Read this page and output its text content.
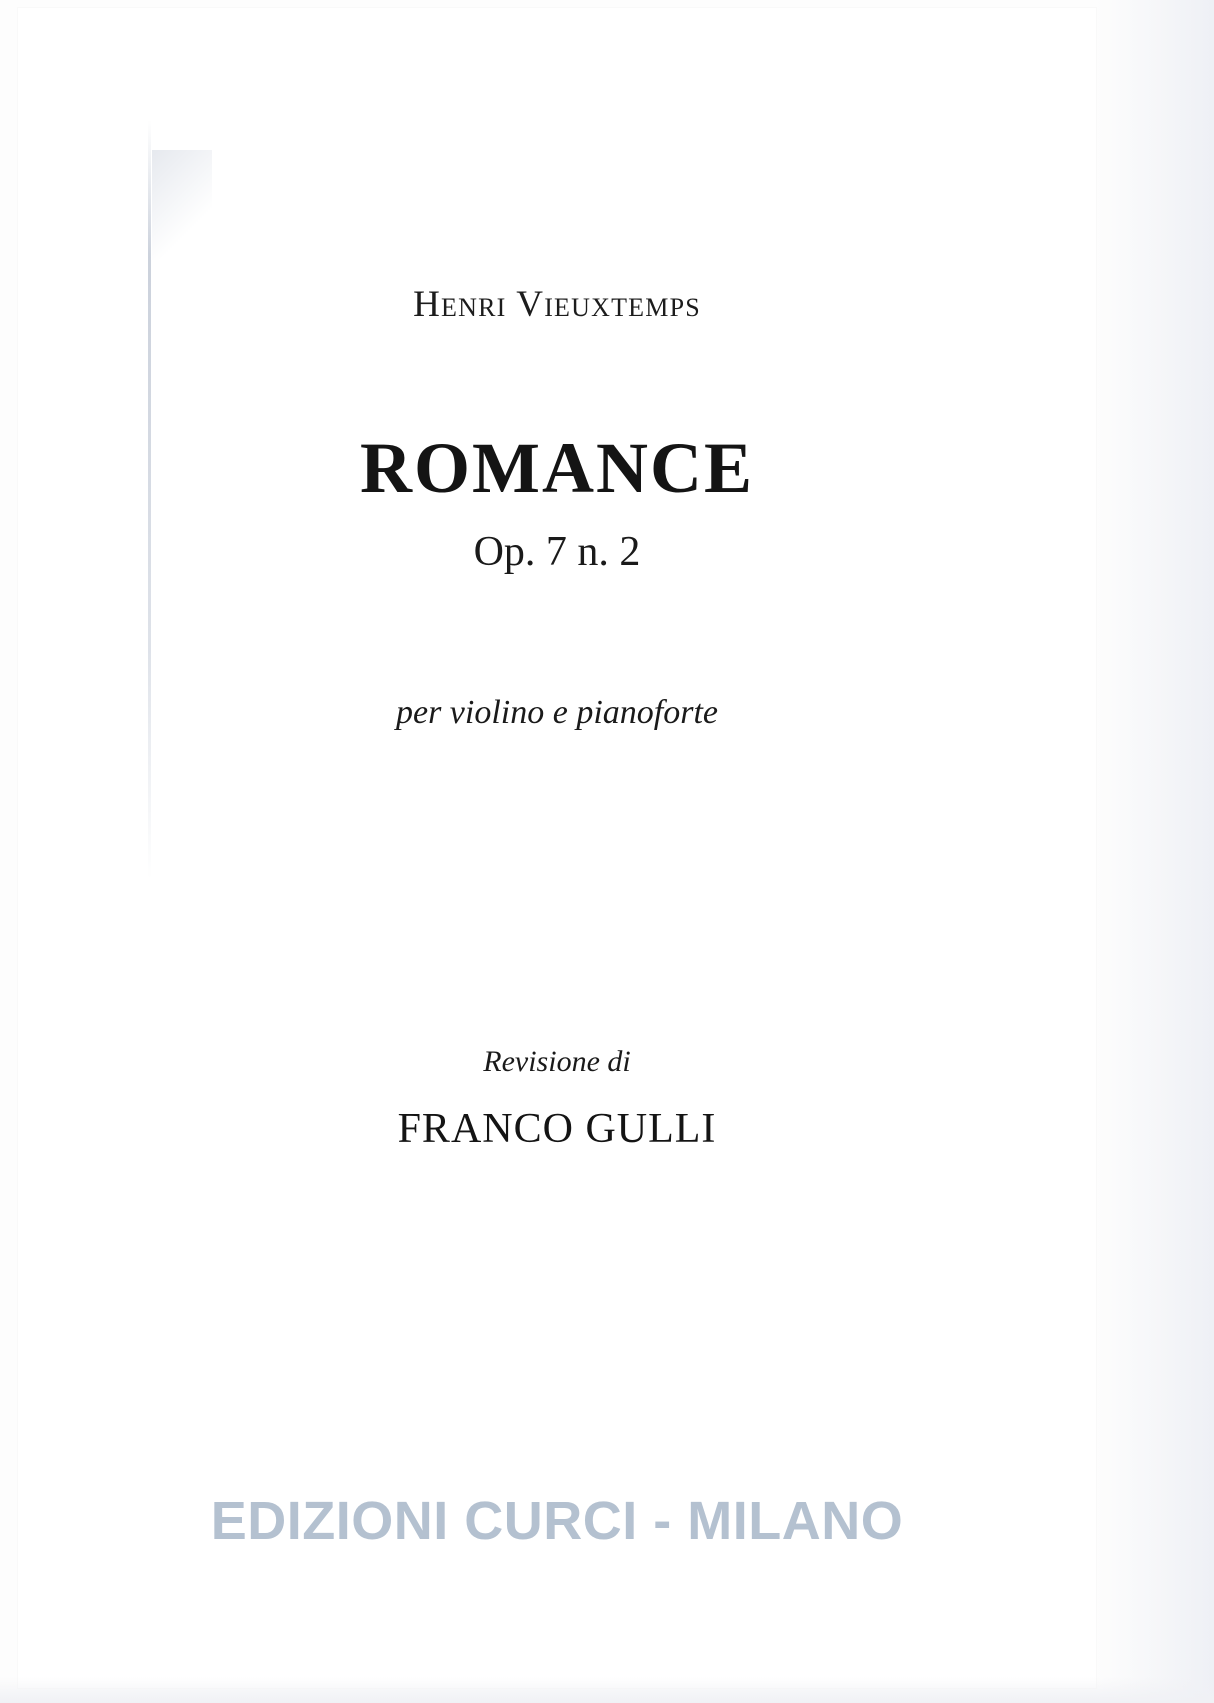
Henri Vieuxtemps
ROMANCE
Op. 7 n. 2
per violino e pianoforte
Revisione di
FRANCO GULLI
EDIZIONI CURCI - MILANO
